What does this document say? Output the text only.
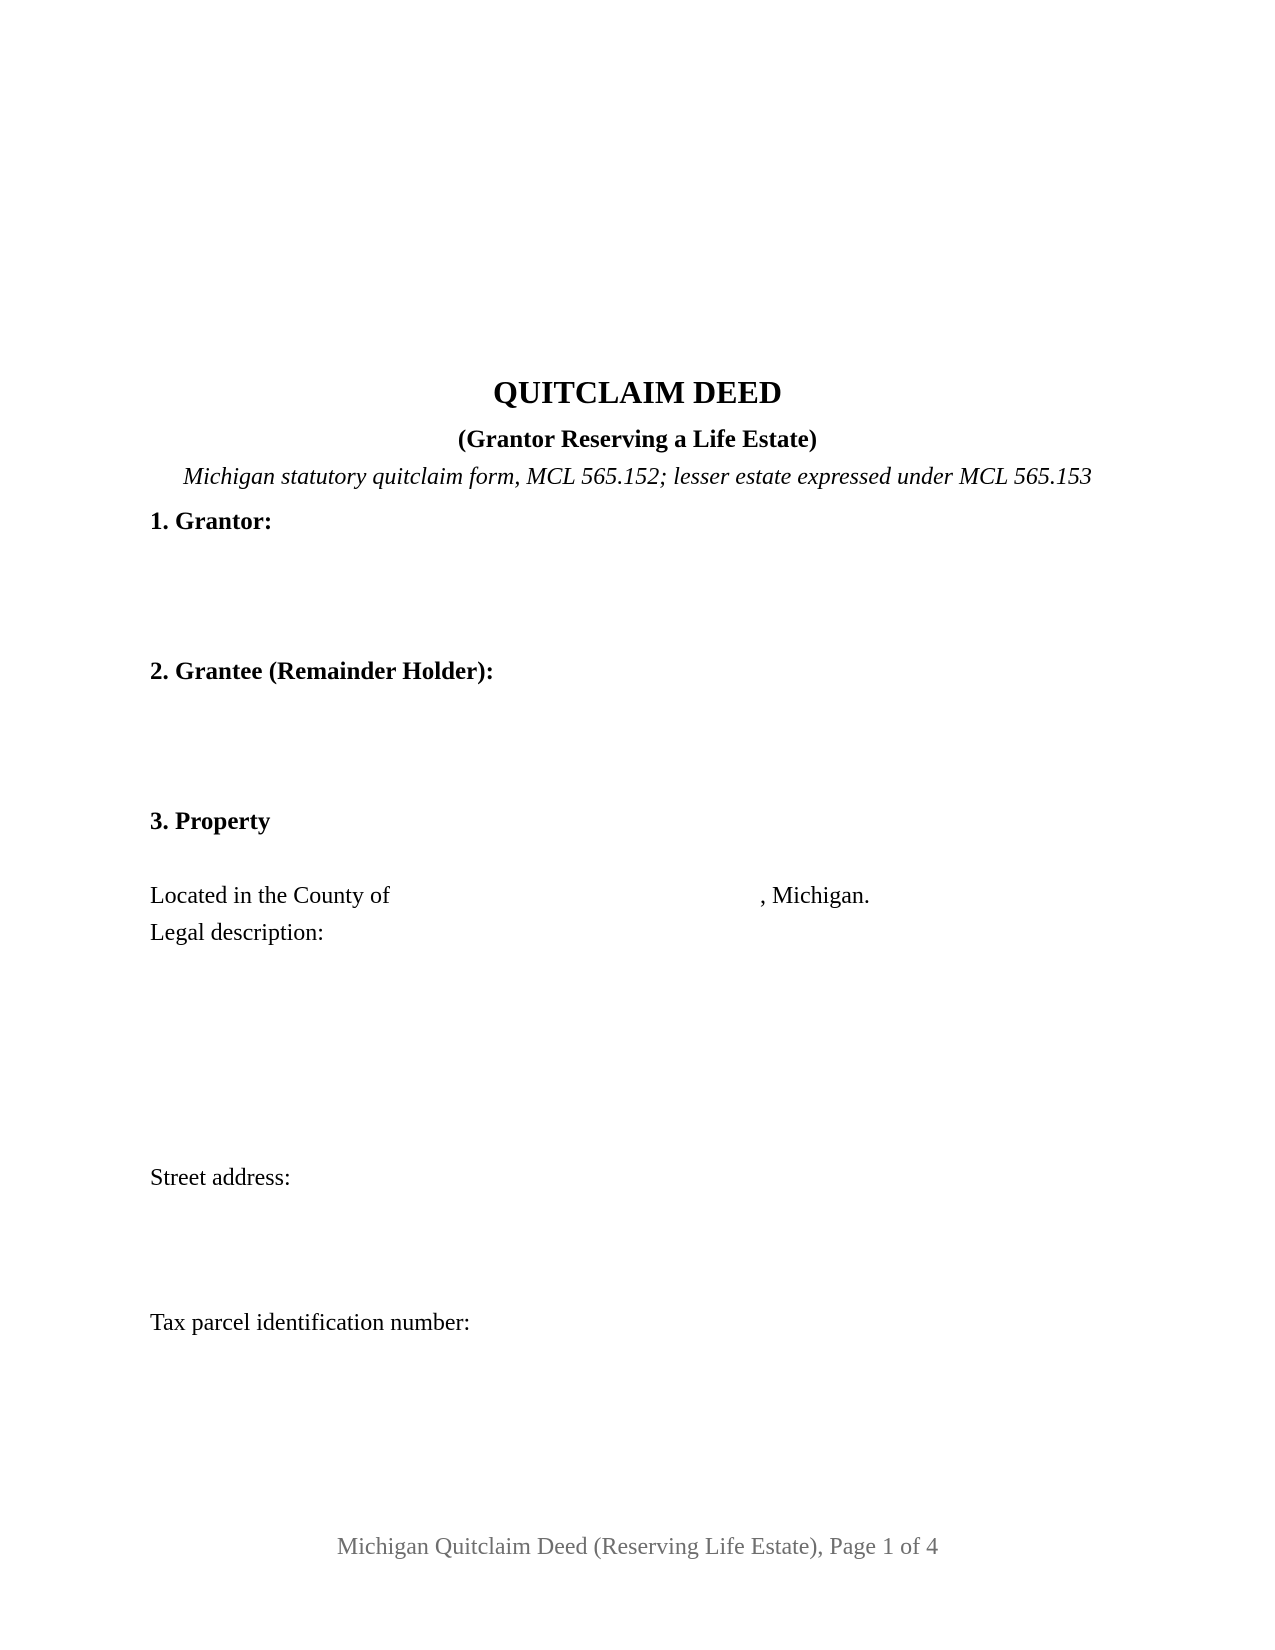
QUITCLAIM DEED
(Grantor Reserving a Life Estate)

Michigan statutory quitclaim form, MCL 565.152; lesser estate expressed under MCL 565.153

1. Grantor:
2. Grantee (Remainder Holder):
3. Property

Located in the County of	, Michigan.

Legal description:

Street address:

Tax parcel identification number:

Michigan Quitclaim Deed (Reserving Life Estate), Page 1 of 4
